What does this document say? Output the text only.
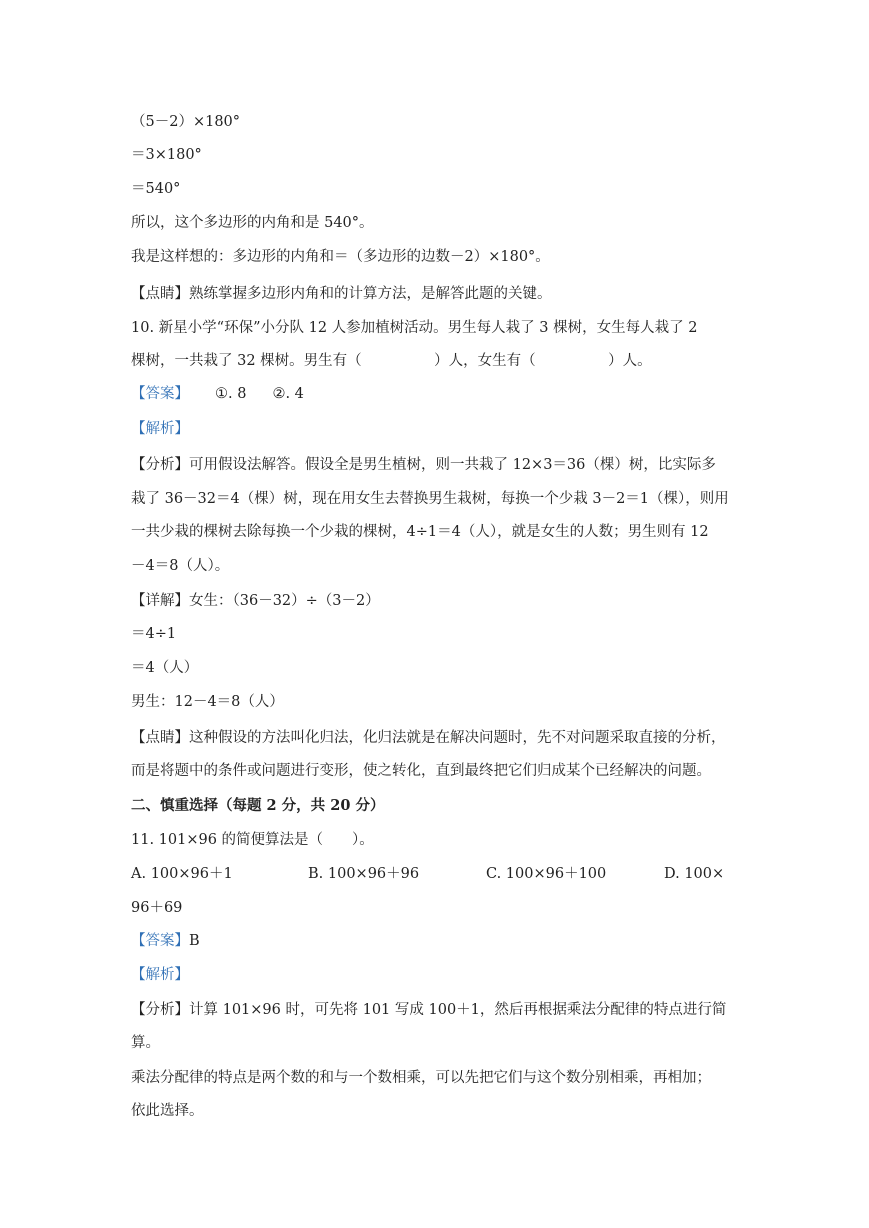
（5－2）×180°
＝3×180°
＝540°
所以，这个多边形的内角和是 540°。
我是这样想的：多边形的内角和＝（多边形的边数－2）×180°。
【点睛】熟练掌握多边形内角和的计算方法，是解答此题的关键。
10. 新星小学“环保”小分队 12 人参加植树活动。男生每人栽了 3 棵树，女生每人栽了 2
棵树，一共栽了 32 棵树。男生有（　　　　　）人，女生有（　　　　　）人。
【答案】 ①. 8 ②. 4
【解析】
【分析】可用假设法解答。假设全是男生植树，则一共栽了 12×3＝36（棵）树，比实际多
栽了 36－32＝4（棵）树，现在用女生去替换男生栽树，每换一个少栽 3－2＝1（棵），则用
一共少栽的棵树去除每换一个少栽的棵树，4÷1＝4（人），就是女生的人数；男生则有 12
－4＝8（人）。
【详解】女生：（36－32）÷（3－2）
＝4÷1
＝4（人）
男生：12－4＝8（人）
【点睛】这种假设的方法叫化归法，化归法就是在解决问题时，先不对问题采取直接的分析，
而是将题中的条件或问题进行变形，使之转化，直到最终把它们归成某个已经解决的问题。
二、慎重选择（每题 2 分，共 20 分）
11. 101×96 的简便算法是（　　）。
A. 100×96＋1	B. 100×96＋96	C. 100×96＋100	D. 100×
96＋69
【答案】B
【解析】
【分析】计算 101×96 时，可先将 101 写成 100＋1，然后再根据乘法分配律的特点进行简
算。
乘法分配律的特点是两个数的和与一个数相乘，可以先把它们与这个数分别相乘，再相加；
依此选择。
